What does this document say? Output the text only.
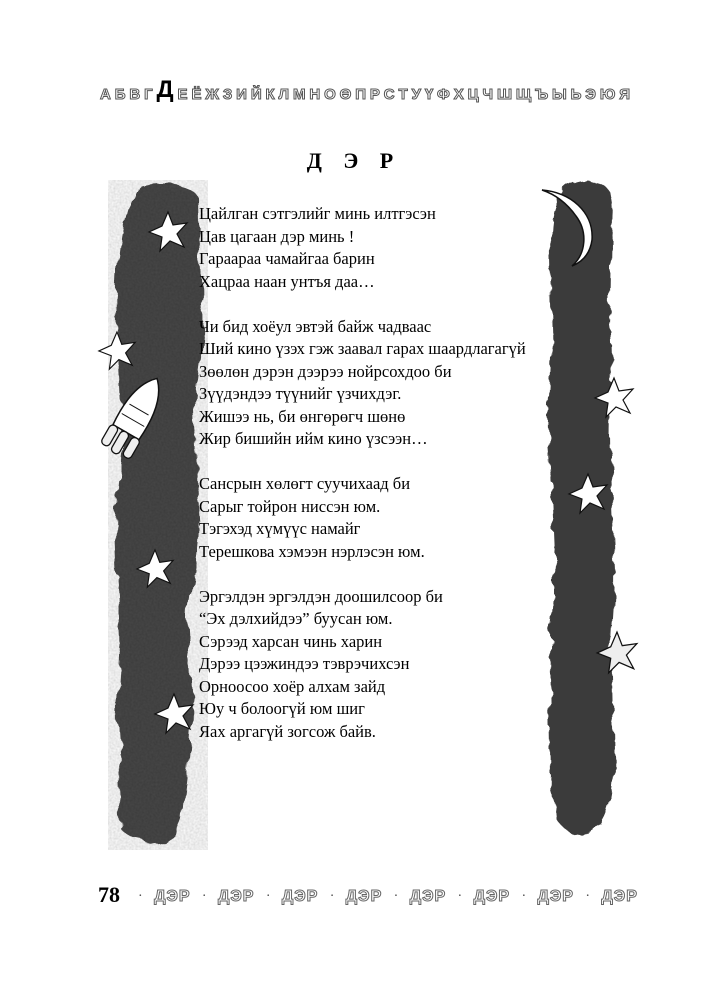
А Б В Г Д Е Ё Ж З И Й К Л М Н О Ө П Р С Т У Ү Ф Х Ц Ч Ш Щ Ъ Ы Ь Э Ю Я
Д Э Р
Цайлган сэтгэлийг минь илтгэсэн
Цав цагаан дэр минь !
Гараараа чамайгаа барин
Хацраа наан унтъя даа…
Чи бид хоёул эвтэй байж чадваас
Ший кино үзэх гэж заавал гарах шаардлагагүй
Зөөлөн дэрэн дээрээ нойрсохдоо би
Зүүдэндээ түүнийг үзчихдэг.
Жишээ нь, би өнгөрөгч шөнө
Жир бишийн ийм кино үзсээн…
Сансрын хөлөгт суучихаад би
Сарыг тойрон ниссэн юм.
Тэгэхэд хүмүүс намайг
Терешкова хэмээн нэрлэсэн юм.
Эргэлдэн эргэлдэн доошилсоор би
“Эх дэлхийдээ” буусан юм.
Сэрээд харсан чинь харин
Дэрээ цээжиндээ тэврэчихсэн
Орноосоо хоёр алхам зайд
Юу ч болоогүй юм шиг
Яах аргагүй зогсож байв.
78 · ДЭР · ДЭР · ДЭР · ДЭР · ДЭР · ДЭР · ДЭР · ДЭР
